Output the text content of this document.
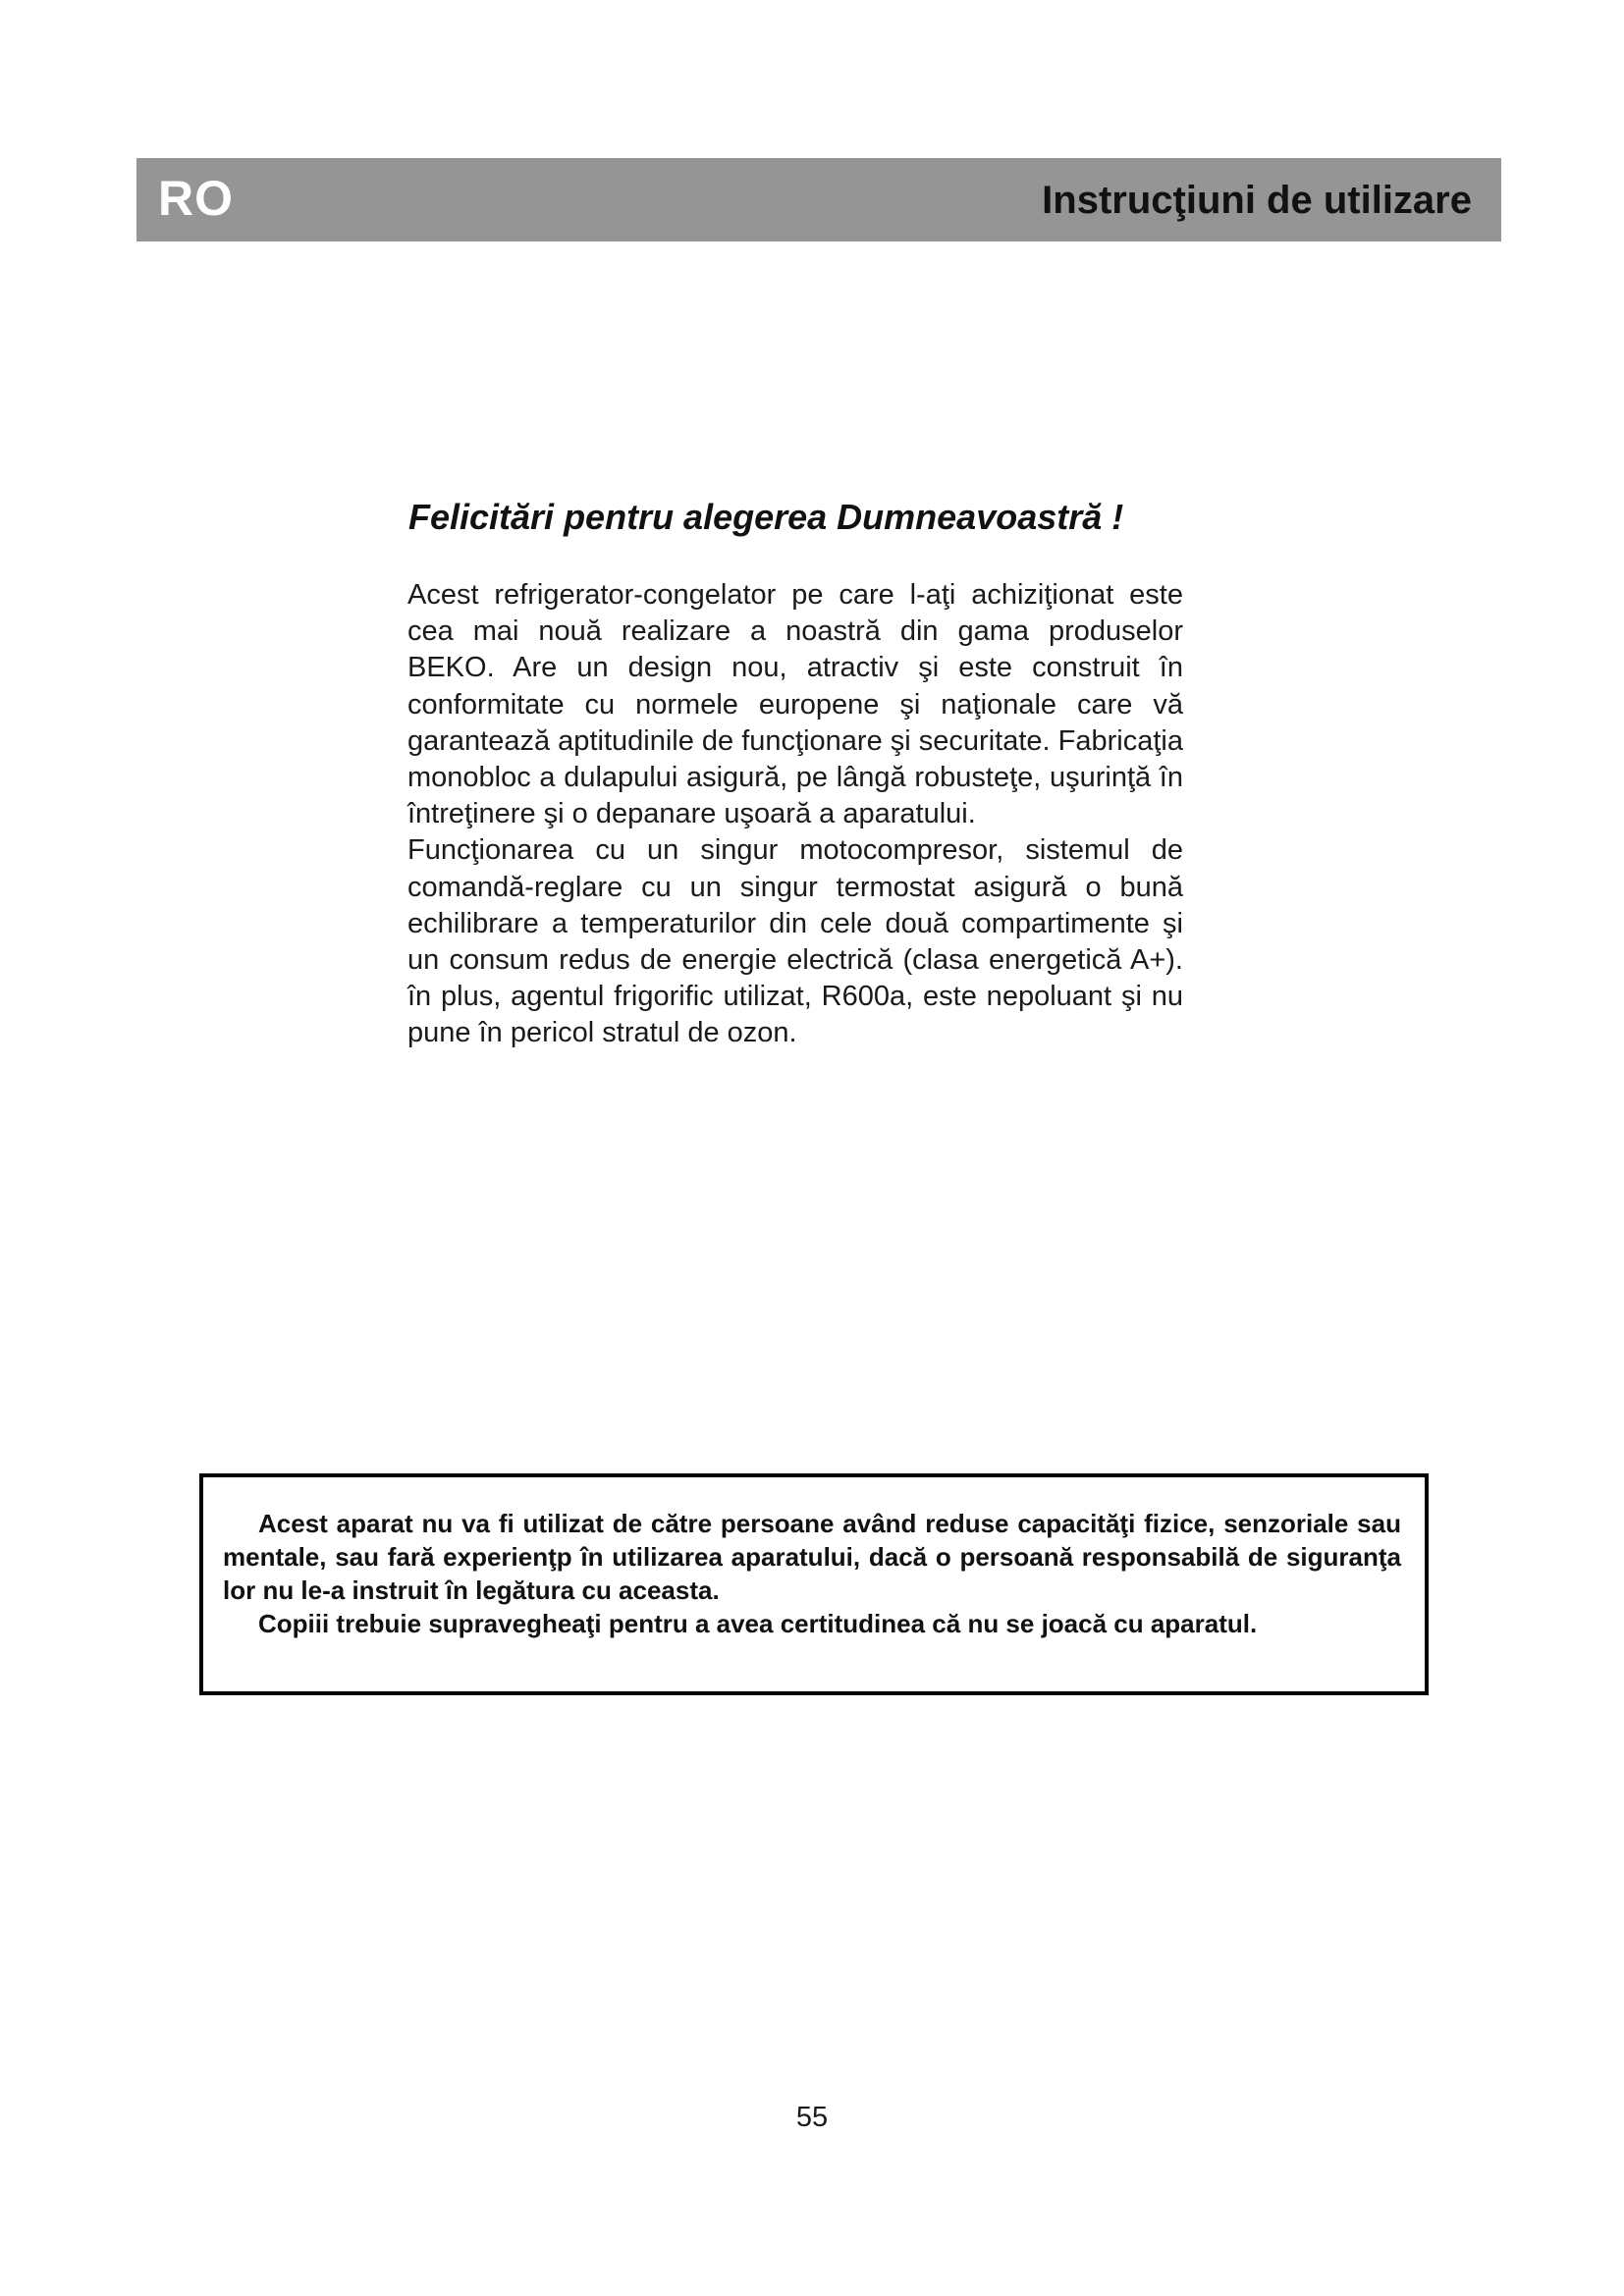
RO	Instrucţiuni de utilizare
Felicitări pentru alegerea Dumneavoastră !

Acest refrigerator-congelator pe care l-aţi achiziţionat este cea mai nouă realizare a noastră din gama produselor BEKO. Are un design nou, atractiv şi este construit în conformitate cu normele europene şi naţionale care vă garantează aptitudinile de funcţionare şi securitate. Fabricaţia monobloc a dulapului asigură, pe lângă robusteţe, uşurinţă în întreţinere şi o depanare uşoară a aparatului.

Funcţionarea cu un singur motocompresor, sistemul de comandă-reglare cu un singur termostat asigură o bună echilibrare a temperaturilor din cele două compartimente şi un consum redus de energie electrică (clasa energetică A+). în plus, agentul frigorific utilizat, R600a, este nepoluant şi nu pune în pericol stratul de ozon.

Acest aparat nu va fi utilizat de către persoane având reduse capacităţi fizice, senzoriale sau mentale, sau fară experienţp în utilizarea aparatului, dacă o persoană responsabilă de siguranţa lor nu le-a instruit în legătura cu aceasta.

Copiii trebuie supravegheaţi pentru a avea certitudinea că nu se joacă cu aparatul.

55
